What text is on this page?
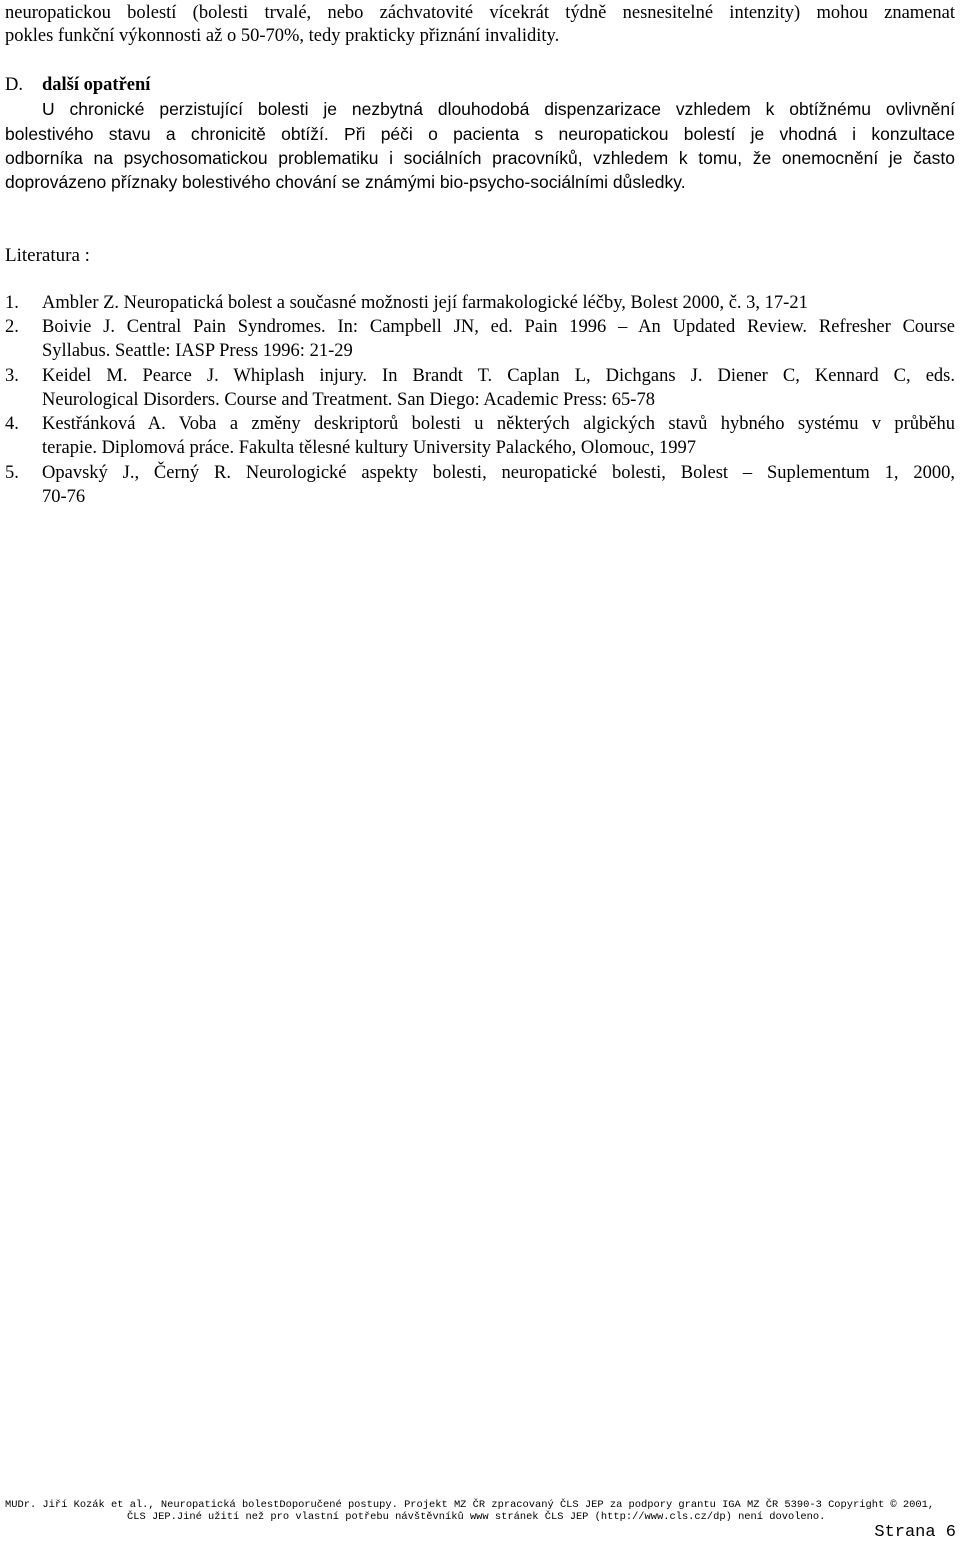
neuropatickou bolestí (bolesti trvalé, nebo záchvatovité vícekrát týdně nesnesitelné intenzity) mohou znamenat
pokles funkční výkonnosti až o 50-70%, tedy prakticky přiznání invalidity.
D. další opatření
U chronické perzistující bolesti je nezbytná dlouhodobá dispenzarizace vzhledem k obtížnému ovlivnění
bolestivého stavu a chronicitě obtíží. Při péči o pacienta s neuropatickou bolestí je vhodná i konzultace
odborníka na psychosomatickou problematiku i sociálních pracovníků, vzhledem k tomu, že onemocnění je často
doprovázeno příznaky bolestivého chování se známými bio-psycho-sociálními důsledky.
Literatura :
1. Ambler Z. Neuropatická bolest a současné možnosti její farmakologické léčby, Bolest 2000, č. 3, 17-21
2. Boivie J. Central Pain Syndromes. In: Campbell JN, ed. Pain 1996 – An Updated Review. Refresher Course
Syllabus. Seattle: IASP Press 1996: 21-29
3. Keidel M. Pearce J. Whiplash injury. In Brandt T. Caplan L, Dichgans J. Diener C, Kennard C, eds.
Neurological Disorders. Course and Treatment. San Diego: Academic Press: 65-78
4. Kestřánková A. Voba a změny deskriptorů bolesti u některých algických stavů hybného systému v průběhu
terapie. Diplomová práce. Fakulta tělesné kultury University Palackého, Olomouc, 1997
5. Opavský J., Černý R. Neurologické aspekty bolesti, neuropatické bolesti, Bolest – Suplementum 1, 2000,
70-76
MUDr. Jiří Kozák et al., Neuropatická bolestDoporučené postupy. Projekt MZ ČR zpracovaný ČLS JEP za podpory grantu IGA MZ ČR 5390-3 Copyright © 2001,
ČLS JEP.Jiné užití než pro vlastní potřebu návštěvníků www stránek ČLS JEP (http://www.cls.cz/dp) není dovoleno.
Strana 6
